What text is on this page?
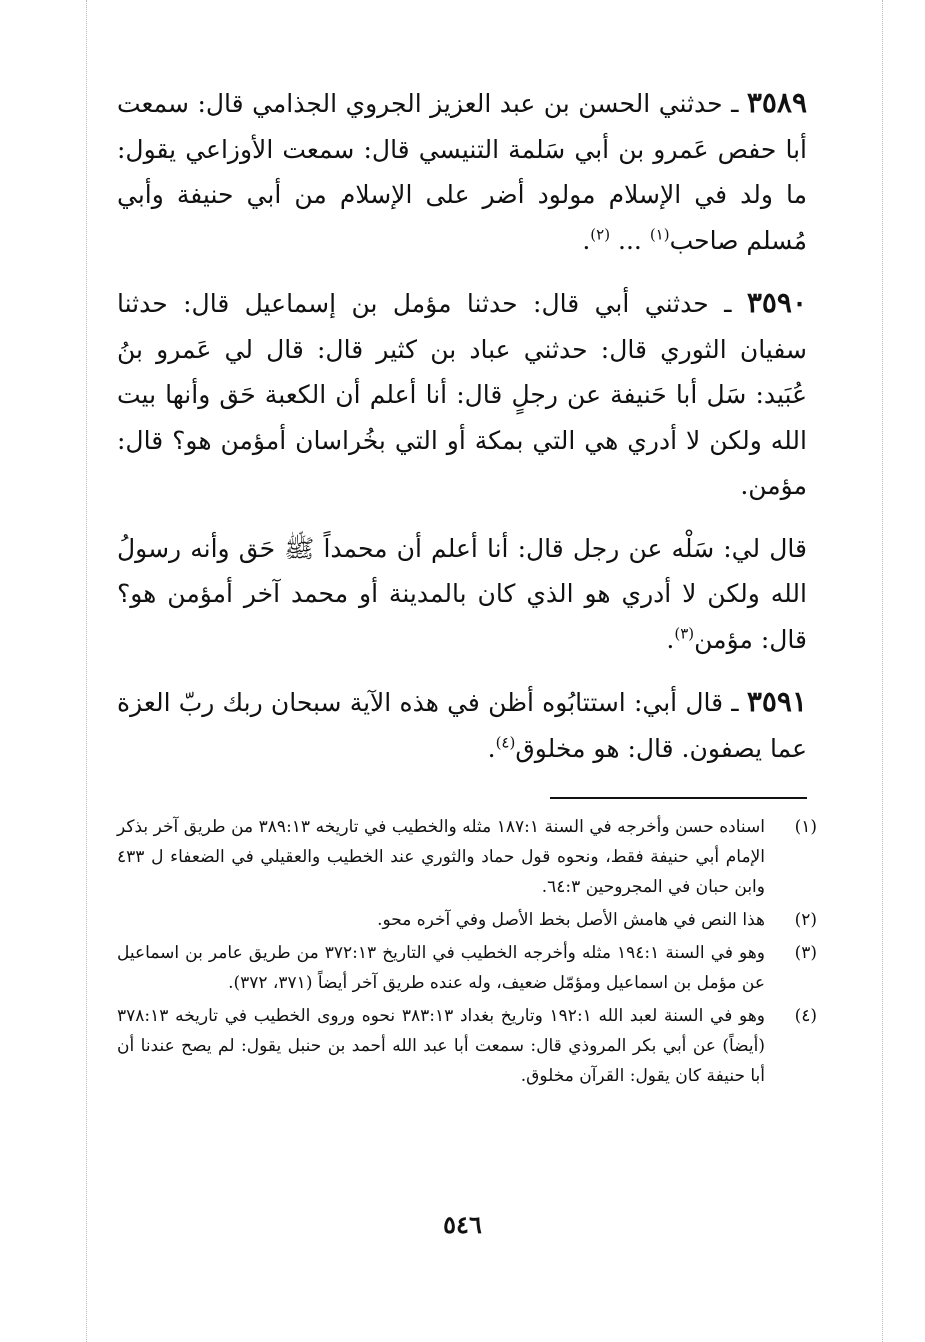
٣٥٨٩ ـ حدثني الحسن بن عبد العزيز الجروي الجذامي قال: سمعت أبا حفص عَمرو بن أبي سَلمة التنيسي قال: سمعت الأوزاعي يقول: ما ولد في الإسلام مولود أضر على الإسلام من أبي حنيفة وأبي مُسلم صاحب$^{(١)}$ ... $^{(٢)}$.

٣٥٩٠ ـ حدثني أبي قال: حدثنا مؤمل بن إسماعيل قال: حدثنا سفيان الثوري قال: حدثني عباد بن كثير قال: قال لي عَمرو بنُ عُبَيد: سَل أبا حَنيفة عن رجلٍ قال: أنا أعلم أن الكعبة حَق وأنها بيت الله ولكن لا أدري هي التي بمكة أو التي بخُراسان أمؤمن هو؟ قال: مؤمن.

قال لي: سَلْه عن رجل قال: أنا أعلم أن محمداً ﷺ حَق وأنه رسولُ الله ولكن لا أدري هو الذي كان بالمدينة أو محمد آخر أمؤمن هو؟ قال: مؤمن$^{(٣)}$.

٣٥٩١ ـ قال أبي: استتابُوه أظن في هذه الآية سبحان ربك ربّ العزة عما يصفون. قال: هو مخلوق$^{(٤)}$.

(١)
اسناده حسن وأخرجه في السنة ١٨٧:١ مثله والخطيب في تاريخه ٣٨٩:١٣ من طريق آخر بذكر الإمام أبي حنيفة فقط، ونحوه قول حماد والثوري عند الخطيب والعقيلي في الضعفاء ل ٤٣٣ وابن حبان في المجروحين ٦٤:٣.
(٢)
هذا النص في هامش الأصل بخط الأصل وفي آخره محو.
(٣)
وهو في السنة ١٩٤:١ مثله وأخرجه الخطيب في التاريخ ٣٧٢:١٣ من طريق عامر بن اسماعيل عن مؤمل بن اسماعيل ومؤمّل ضعيف، وله عنده طريق آخر أيضاً (٣٧١، ٣٧٢).
(٤)
وهو في السنة لعبد الله ١٩٢:١ وتاريخ بغداد ٣٨٣:١٣ نحوه وروى الخطيب في تاريخه ٣٧٨:١٣ (أيضاً) عن أبي بكر المروذي قال: سمعت أبا عبد الله أحمد بن حنبل يقول: لم يصح عندنا أن أبا حنيفة كان يقول: القرآن مخلوق.
٥٤٦
